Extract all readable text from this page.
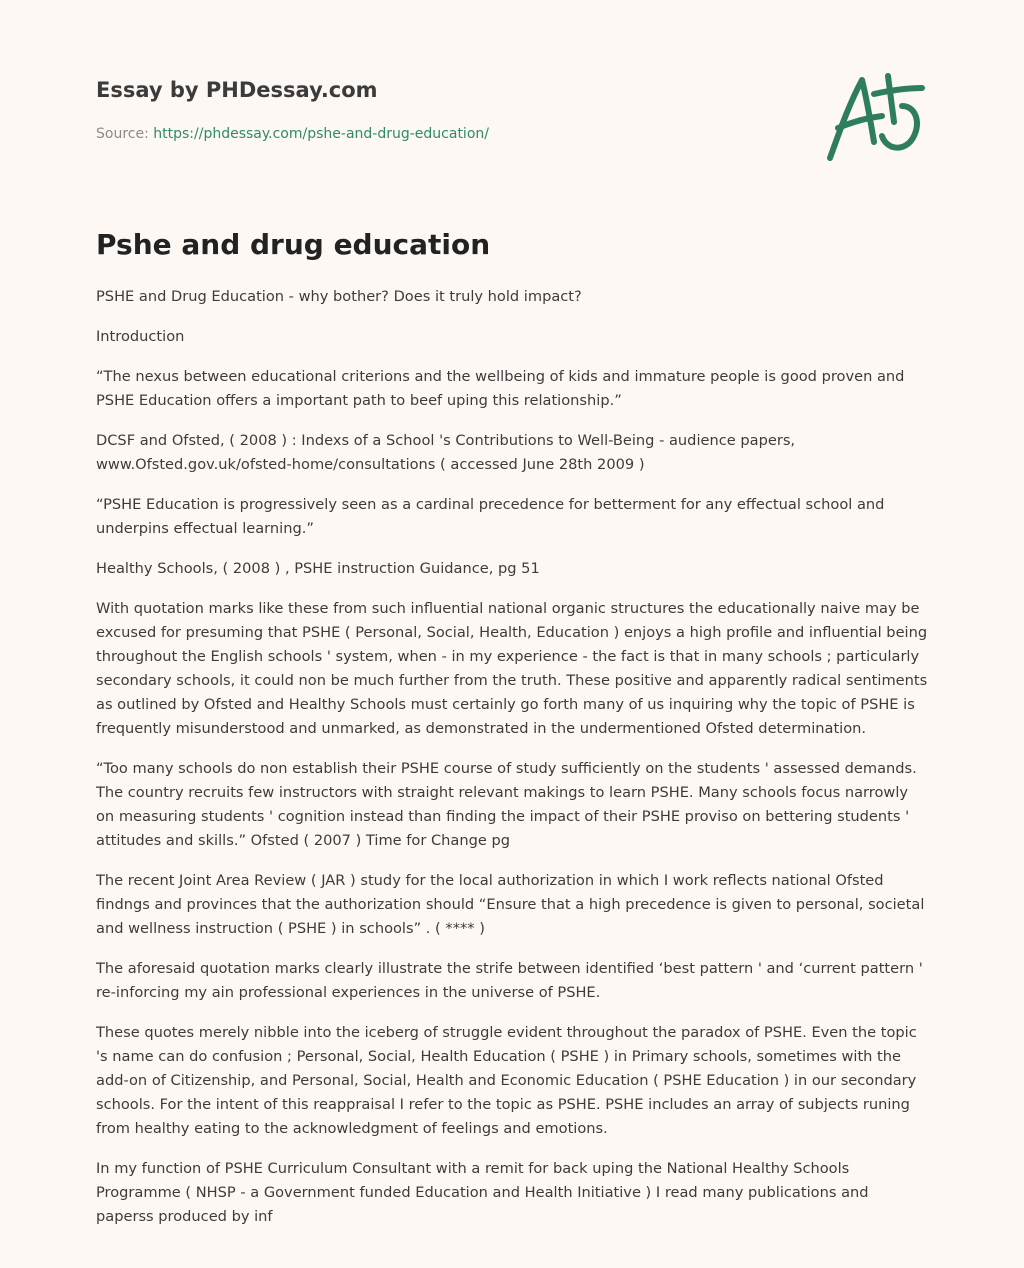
Essay by PHDessay.com
Source: https://phdessay.com/pshe-and-drug-education/
Pshe and drug education

PSHE and Drug Education - why bother? Does it truly hold impact?

Introduction

“The nexus between educational criterions and the wellbeing of kids and immature people is good proven and PSHE Education offers a important path to beef uping this relationship.”

DCSF and Ofsted, ( 2008 ) : Indexs of a School 's Contributions to Well-Being - audience papers, www.Ofsted.gov.uk/ofsted-home/consultations ( accessed June 28th 2009 )

“PSHE Education is progressively seen as a cardinal precedence for betterment for any effectual school and underpins effectual learning.”

Healthy Schools, ( 2008 ) , PSHE instruction Guidance, pg 51

With quotation marks like these from such influential national organic structures the educationally naive may be excused for presuming that PSHE ( Personal, Social, Health, Education ) enjoys a high profile and influential being throughout the English schools ' system, when - in my experience - the fact is that in many schools ; particularly secondary schools, it could non be much further from the truth. These positive and apparently radical sentiments as outlined by Ofsted and Healthy Schools must certainly go forth many of us inquiring why the topic of PSHE is frequently misunderstood and unmarked, as demonstrated in the undermentioned Ofsted determination.

“Too many schools do non establish their PSHE course of study sufficiently on the students ' assessed demands. The country recruits few instructors with straight relevant makings to learn PSHE. Many schools focus narrowly on measuring students ' cognition instead than finding the impact of their PSHE proviso on bettering students ' attitudes and skills.” Ofsted ( 2007 ) Time for Change pg

The recent Joint Area Review ( JAR ) study for the local authorization in which I work reflects national Ofsted findngs and provinces that the authorization should “Ensure that a high precedence is given to personal, societal and wellness instruction ( PSHE ) in schools” . ( **** )

The aforesaid quotation marks clearly illustrate the strife between identified ‘best pattern ' and ‘current pattern ' re-inforcing my ain professional experiences in the universe of PSHE.

These quotes merely nibble into the iceberg of struggle evident throughout the paradox of PSHE. Even the topic 's name can do confusion ; Personal, Social, Health Education ( PSHE ) in Primary schools, sometimes with the add-on of Citizenship, and Personal, Social, Health and Economic Education ( PSHE Education ) in our secondary schools. For the intent of this reappraisal I refer to the topic as PSHE. PSHE includes an array of subjects runing from healthy eating to the acknowledgment of feelings and emotions.

In my function of PSHE Curriculum Consultant with a remit for back uping the National Healthy Schools Programme ( NHSP - a Government funded Education and Health Initiative ) I read many publications and paperss produced by inf
